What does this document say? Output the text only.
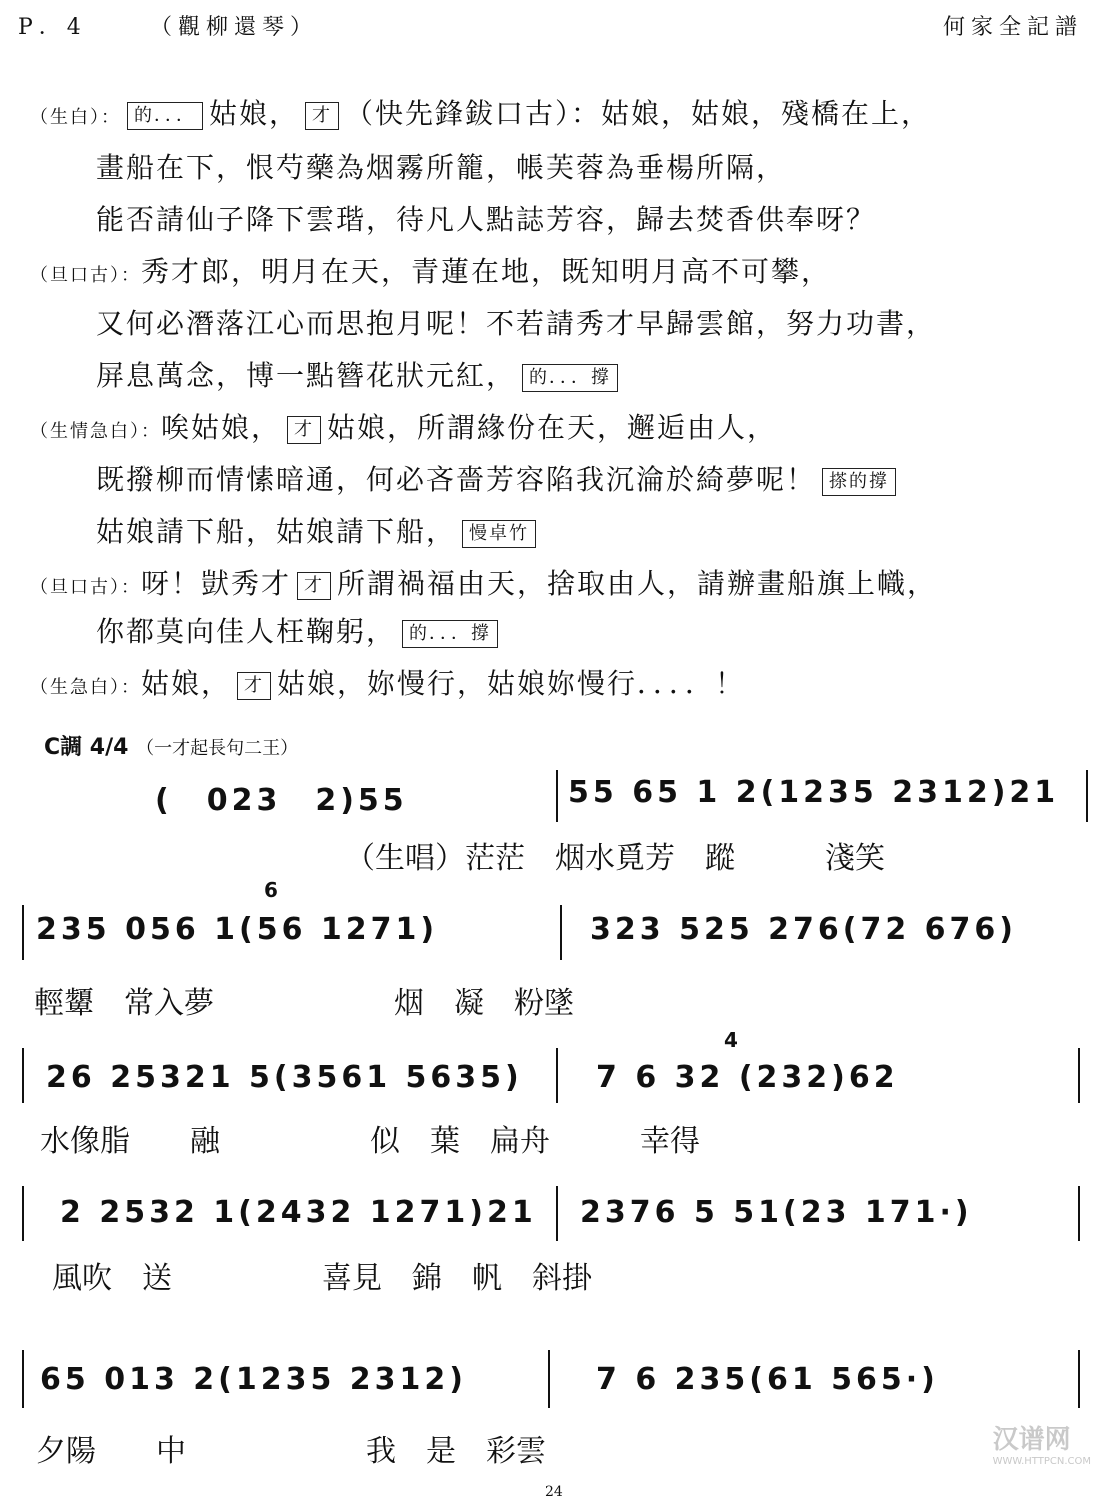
P．4	（觀柳還琴）	何家全記譜
（生白）： 的．．． 姑娘， 才 （快先鋒鈸口古）：姑娘，姑娘，殘橋在上，
畫船在下，恨芍藥為烟霧所籠，帳芙蓉為垂楊所隔，
能否請仙子降下雲瑎，待凡人點誌芳容，歸去焚香供奉呀？
（旦口古）：秀才郎，明月在天，青蓮在地，既知明月高不可攀，
又何必潛落江心而思抱月呢！不若請秀才早歸雲館，努力功書，
屏息萬念，博一點簪花狀元紅， 的．．．撐
（生情急白）：唉姑娘， 才 姑娘，所謂緣份在天，邂逅由人，
既撥柳而情愫暗通，何必吝嗇芳容陷我沉淪於綺夢呢！ 搽的撐
姑娘請下船，姑娘請下船， 慢卓竹
（旦口古）：呀！獃秀才 才 所謂禍福由天，捨取由人，請辦畫船旗上幟，
你都莫向佳人枉鞠躬， 的．．．撐
（生急白）：姑娘， 才 姑娘，妳慢行，姑娘妳慢行．．．．！
C調 4/4 （一才起長句二王）
(　023　2)55	55 65 1 2(1235 2312)21
（生唱）茫茫　烟水覓芳　蹤　　　淺笑
6
235 056 1(56 1271)	323 525 276(72 676)
輕顰　常入夢　　　　　　烟　凝　粉墜
4
26 25321 5(3561 5635) 7 6 32 (232)62
水像脂　　融　　　　　似　葉　扁舟　　　幸得
2 2532 1(2432 1271)21 2376 5 51(23 171·)
風吹　送　　　　　喜見　錦　帆　斜掛
65 013 2(1235 2312)	7 6 235(61 565·)
夕陽　　中　　　　　　我　是　彩雲
24
汉谱网
WWW.HTTPCN.COM
